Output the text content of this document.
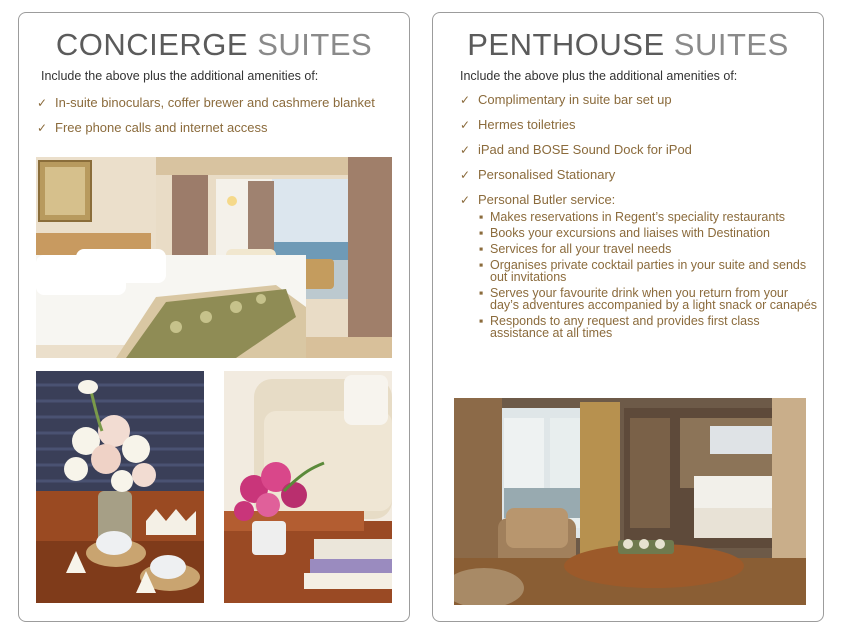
CONCIERGE SUITES
Include the above plus the additional amenities of:
✓ In-suite binoculars, coffer brewer and cashmere blanket
✓ Free phone calls and internet access
PENTHOUSE SUITES
Include the above plus the additional amenities of:
✓ Complimentary in suite bar set up
✓ Hermes toiletries
✓ iPad and BOSE Sound Dock for iPod
✓ Personalised Stationary
✓ Personal Butler service:
▪ Makes reservations in Regent’s speciality restaurants
▪ Books your excursions and liaises with Destination
▪ Services for all your travel needs
▪ Organises private cocktail parties in your suite and sends out invitations
▪ Serves your favourite drink when you return from your day’s adventures accompanied by a light snack or canapés
▪ Responds to any request and provides first class assistance at all times
